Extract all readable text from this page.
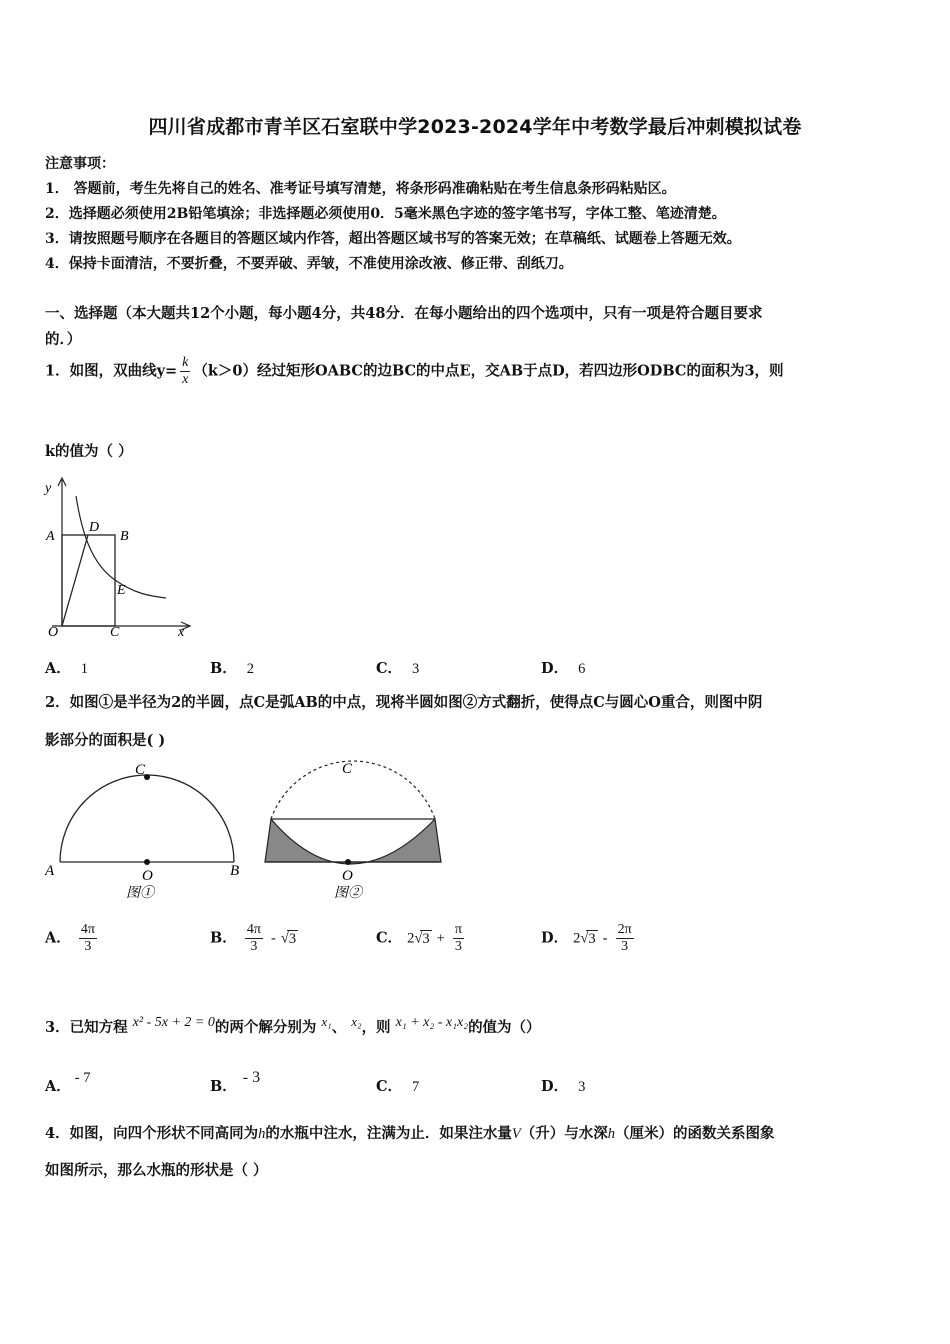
四川省成都市青羊区石室联中学2023-2024学年中考数学最后冲刺模拟试卷
注意事项：
1． 答题前，考生先将自己的姓名、准考证号填写清楚，将条形码准确粘贴在考生信息条形码粘贴区。
2．选择题必须使用2B铅笔填涂；非选择题必须使用0．5毫米黑色字迹的签字笔书写，字体工整、笔迹清楚。
3．请按照题号顺序在各题目的答题区域内作答，超出答题区域书写的答案无效；在草稿纸、试题卷上答题无效。
4．保持卡面清洁，不要折叠，不要弄破、弄皱，不准使用涂改液、修正带、刮纸刀。
一、选择题（本大题共12个小题，每小题4分，共48分．在每小题给出的四个选项中，只有一项是符合题目要求
的．）
1．如图，双曲线$y= \frac{k}{x} (k>0)$经过矩形OABC的边BC的中点E，交AB于点D，若四边形ODBC的面积为3，则
k的值为（ ）
y
A
D
B
E
O	C	x
A． 1	B． 2	C． 3	D． 6
2．如图①是半径为2的半圆，点C是弧AB的中点，现将半圆如图②方式翻折，使得点C与圆心O重合，则图中阴
影部分的面积是( )
C
A	O	B
图①
C
O
图②
A． $\frac{4\pi}{3}$	B． $\frac{4\pi}{3} - √3$	C． $2√3 + \frac{\pi}{3}$	D． $2√3 - \frac{2\pi}{3}$
3．已知方程 x² - 5x + 2 = 0的两个解分别为 x₁、 x₂，则 x₁ + x₂ - x₁x₂的值为（）
A． - 7	B．- 3
C． 7	D． 3
4．如图，向四个形状不同高同为h的水瓶中注水，注满为止．如果注水量V（升）与水深h（厘米）的函数关系图象
如图所示，那么水瓶的形状是（ ）
